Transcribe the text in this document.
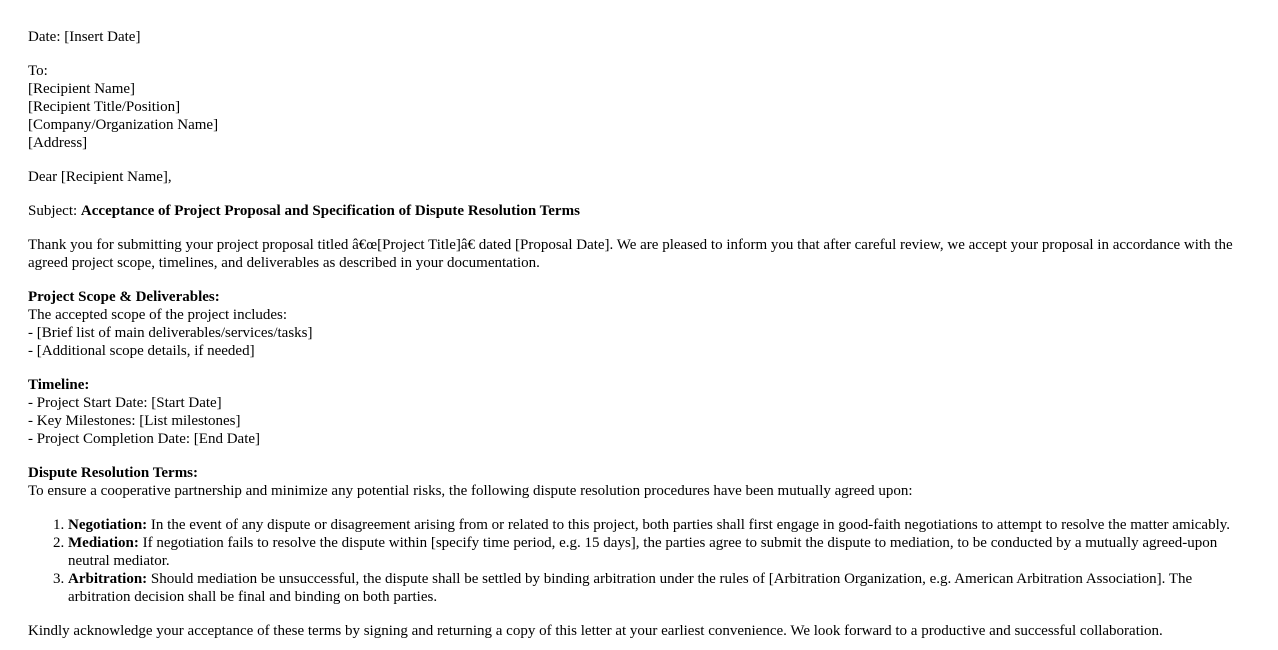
Date: [Insert Date]

To:
[Recipient Name]
[Recipient Title/Position]
[Company/Organization Name]
[Address]

Dear [Recipient Name],

Subject: Acceptance of Project Proposal and Specification of Dispute Resolution Terms

Thank you for submitting your project proposal titled â€œ[Project Title]â€ dated [Proposal Date]. We are pleased to inform you that after careful review, we accept your proposal in accordance with the agreed project scope, timelines, and deliverables as described in your documentation.

Project Scope & Deliverables:
The accepted scope of the project includes:
- [Brief list of main deliverables/services/tasks]
- [Additional scope details, if needed]

Timeline:
- Project Start Date: [Start Date]
- Key Milestones: [List milestones]
- Project Completion Date: [End Date]

Dispute Resolution Terms:
To ensure a cooperative partnership and minimize any potential risks, the following dispute resolution procedures have been mutually agreed upon:

1. Negotiation: In the event of any dispute or disagreement arising from or related to this project, both parties shall first engage in good-faith negotiations to attempt to resolve the matter amicably.
2. Mediation: If negotiation fails to resolve the dispute within [specify time period, e.g. 15 days], the parties agree to submit the dispute to mediation, to be conducted by a mutually agreed-upon neutral mediator.
3. Arbitration: Should mediation be unsuccessful, the dispute shall be settled by binding arbitration under the rules of [Arbitration Organization, e.g. American Arbitration Association]. The arbitration decision shall be final and binding on both parties.

Kindly acknowledge your acceptance of these terms by signing and returning a copy of this letter at your earliest convenience. We look forward to a productive and successful collaboration.
